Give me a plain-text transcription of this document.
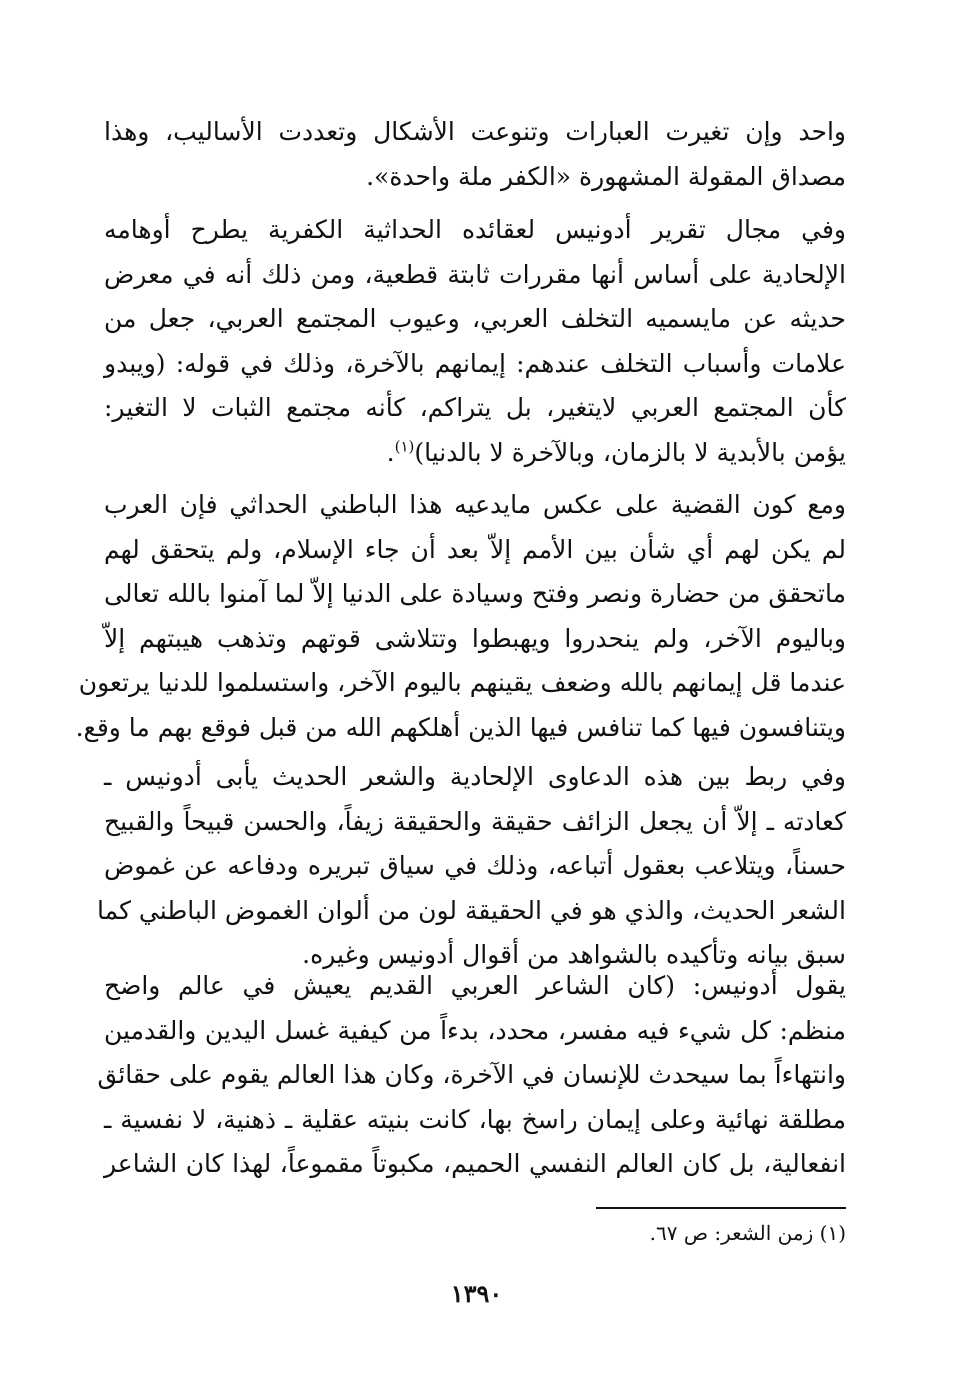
واحد وإن تغيرت العبارات وتنوعت الأشكال وتعددت الأساليب، وهذا
مصداق المقولة المشهورة «الكفر ملة واحدة».

وفي مجال تقرير أدونيس لعقائده الحداثية الكفرية يطرح أوهامه
الإلحادية على أساس أنها مقررات ثابتة قطعية، ومن ذلك أنه في معرض
حديثه عن مايسميه التخلف العربي، وعيوب المجتمع العربي، جعل من
علامات وأسباب التخلف عندهم: إيمانهم بالآخرة، وذلك في قوله: (ويبدو
كأن المجتمع العربي لايتغير، بل يتراكم، كأنه مجتمع الثبات لا التغير:
يؤمن بالأبدية لا بالزمان، وبالآخرة لا بالدنيا)$^{(١)}$.

ومع كون القضية على عكس مايدعيه هذا الباطني الحداثي فإن العرب
لم يكن لهم أي شأن بين الأمم إلاّ بعد أن جاء الإسلام، ولم يتحقق لهم
ماتحقق من حضارة ونصر وفتح وسيادة على الدنيا إلاّ لما آمنوا بالله تعالى
وباليوم الآخر، ولم ينحدروا ويهبطوا وتتلاشى قوتهم وتذهب هيبتهم إلاّ
عندما قل إيمانهم بالله وضعف يقينهم باليوم الآخر، واستسلموا للدنيا يرتعون
ويتنافسون فيها كما تنافس فيها الذين أهلكهم الله من قبل فوقع بهم ما وقع.

وفي ربط بين هذه الدعاوى الإلحادية والشعر الحديث يأبى أدونيس ـ
كعادته ـ إلاّ أن يجعل الزائف حقيقة والحقيقة زيفاً، والحسن قبيحاً والقبيح
حسناً، ويتلاعب بعقول أتباعه، وذلك في سياق تبريره ودفاعه عن غموض
الشعر الحديث، والذي هو في الحقيقة لون من ألوان الغموض الباطني كما
سبق بيانه وتأكيده بالشواهد من أقوال أدونيس وغيره.

يقول أدونيس: (كان الشاعر العربي القديم يعيش في عالم واضح
منظم: كل شيء فيه مفسر، محدد، بدءاً من كيفية غسل اليدين والقدمين
وانتهاءاً بما سيحدث للإنسان في الآخرة، وكان هذا العالم يقوم على حقائق
مطلقة نهائية وعلى إيمان راسخ بها، كانت بنيته عقلية ـ ذهنية، لا نفسية ـ
انفعالية، بل كان العالم النفسي الحميم، مكبوتاً مقموعاً، لهذا كان الشاعر

(١) زمن الشعر: ص ٦٧.
١٣٩٠
